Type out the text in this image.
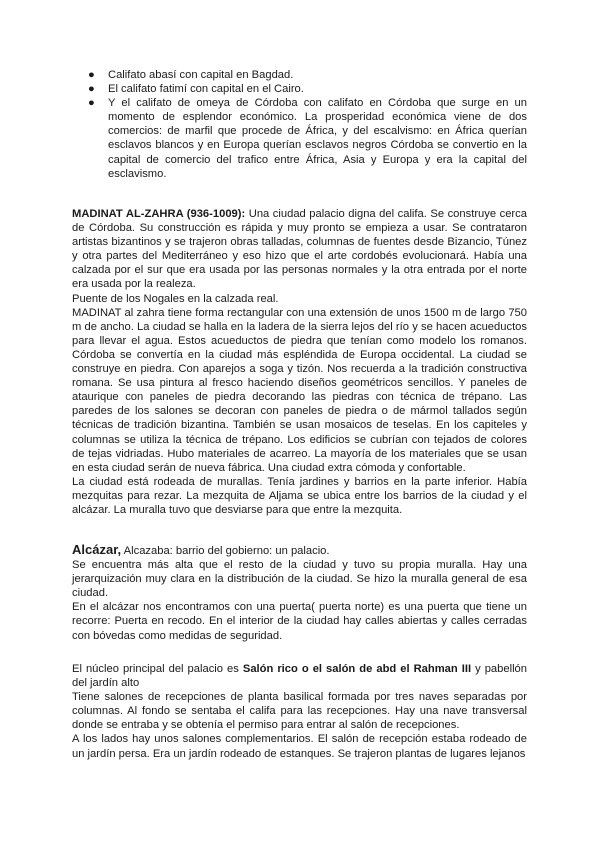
● Califato abasí con capital en Bagdad.
● El califato fatimí con capital en el Cairo.
● Y el califato de omeya de Córdoba con califato en Córdoba que surge en un momento de esplendor económico. La prosperidad económica viene de dos comercios: de marfil que procede de África, y del escalvismo: en África querían esclavos blancos y en Europa querían esclavos negros Córdoba se convertio en la capital de comercio del trafico entre África, Asia y Europa y era la capital del esclavismo.

MADINAT AL-ZAHRA (936-1009): Una ciudad palacio digna del califa. Se construye cerca de Córdoba. Su construcción es rápida y muy pronto se empieza a usar. Se contrataron artistas bizantinos y se trajeron obras talladas, columnas de fuentes desde Bizancio, Túnez y otra partes del Mediterráneo y eso hizo que el arte cordobés evolucionará. Había una calzada por el sur que era usada por las personas normales y la otra entrada por el norte era usada por la realeza.

Puente de los Nogales en la calzada real.

MADINAT al zahra tiene forma rectangular con una extensión de unos 1500 m de largo 750 m de ancho. La ciudad se halla en la ladera de la sierra lejos del río y se hacen acueductos para llevar el agua. Estos acueductos de piedra que tenían como modelo los romanos. Córdoba se convertía en la ciudad más espléndida de Europa occidental. La ciudad se construye en piedra. Con aparejos a soga y tizón. Nos recuerda a la tradición constructiva romana. Se usa pintura al fresco haciendo diseños geométricos sencillos. Y paneles de ataurique con paneles de piedra decorando las piedras con técnica de trépano. Las paredes de los salones se decoran con paneles de piedra o de mármol tallados según técnicas de tradición bizantina. También se usan mosaicos de teselas. En los capiteles y columnas se utiliza la técnica de trépano. Los edificios se cubrían con tejados de colores de tejas vidriadas. Hubo materiales de acarreo. La mayoría de los materiales que se usan en esta ciudad serán de nueva fábrica. Una ciudad extra cómoda y confortable.

La ciudad está rodeada de murallas. Tenía jardines y barrios en la parte inferior. Había mezquitas para rezar. La mezquita de Aljama se ubica entre los barrios de la ciudad y el alcázar. La muralla tuvo que desviarse para que entre la mezquita.

Alcázar, Alcazaba: barrio del gobierno: un palacio.

Se encuentra más alta que el resto de la ciudad y tuvo su propia muralla. Hay una jerarquización muy clara en la distribución de la ciudad. Se hizo la muralla general de esa ciudad.

En el alcázar nos encontramos con una puerta( puerta norte) es una puerta que tiene un recorre: Puerta en recodo. En el interior de la ciudad hay calles abiertas y calles cerradas con bóvedas como medidas de seguridad.

El núcleo principal del palacio es Salón rico o el salón de abd el Rahman III y pabellón del jardín alto

Tiene salones de recepciones de planta basilical formada por tres naves separadas por columnas. Al fondo se sentaba el califa para las recepciones. Hay una nave transversal donde se entraba y se obtenía el permiso para entrar al salón de recepciones.

A los lados hay unos salones complementarios. El salón de recepción estaba rodeado de un jardín persa. Era un jardín rodeado de estanques. Se trajeron plantas de lugares lejanos
